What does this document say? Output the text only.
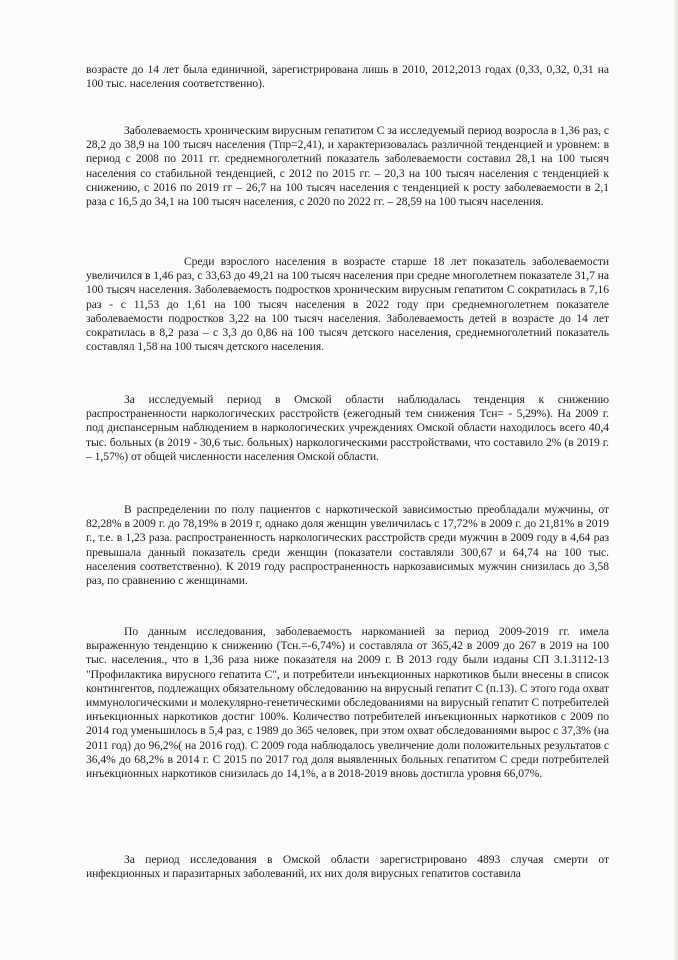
возрасте до 14 лет была единичной, зарегистрирована лишь в 2010, 2012,2013 годах (0,33, 0,32, 0,31 на 100 тыс. населения соответственно).

Заболеваемость хроническим вирусным гепатитом С за исследуемый период возросла в 1,36 раз, с 28,2 до 38,9 на 100 тысяч населения (Тпр=2,41), и характеризовалась различной тенденцией и уровнем: в период с 2008 по 2011 гг. среднемноголетний показатель заболеваемости составил 28,1 на 100 тысяч населения со стабильной тенденцией, с 2012 по 2015 гг. – 20,3 на 100 тысяч населения с тенденцией к снижению, с 2016 по 2019 гг – 26,7 на 100 тысяч населения с тенденцией к росту заболеваемости в 2,1 раза с 16,5 до 34,1 на 100 тысяч населения, с 2020 по 2022 гг. – 28,59 на 100 тысяч населения.

Среди взрослого населения в возрасте старше 18 лет показатель заболеваемости увеличился в 1,46 раз, с 33,63 до 49,21 на 100 тысяч населения при средне многолетнем показателе 31,7 на 100 тысяч населения. Заболеваемость подростков хроническим вирусным гепатитом С сократилась в 7,16 раз - с 11,53 до 1,61 на 100 тысяч населения в 2022 году при среднемноголетнем показателе заболеваемости подростков 3,22 на 100 тысяч населения. Заболеваемость детей в возрасте до 14 лет сократилась в 8,2 раза – с 3,3 до 0,86 на 100 тысяч детского населения, среднемноголетний показатель составлял 1,58 на 100 тысяч детского населения.

За исследуемый период в Омской области наблюдалась тенденция к снижению распространенности наркологических расстройств (ежегодный тем снижения Тсн= - 5,29%). На 2009 г. под диспансерным наблюдением в наркологических учреждениях Омской области находилось всего 40,4 тыс. больных (в 2019 - 30,6 тыс. больных) наркологическими расстройствами, что составило 2% (в 2019 г. – 1,57%) от общей численности населения Омской области.

В распределении по полу пациентов с наркотической зависимостью преобладали мужчины, от 82,28% в 2009 г. до 78,19% в 2019 г, однако доля женщин увеличилась с 17,72% в 2009 г. до 21,81% в 2019 г., т.е. в 1,23 раза. распространенность наркологических расстройств среди мужчин в 2009 году в 4,64 раз превышала данный показатель среди женщин (показатели составляли 300,67 и 64,74 на 100 тыс. населения соответственно). К 2019 году распространенность наркозависимых мужчин снизилась до 3,58 раз, по сравнению с женщинами.

По данным исследования, заболеваемость наркоманией за период 2009-2019 гг. имела выраженную тенденцию к снижению (Тсн.=-6,74%) и составляла от 365,42 в 2009 до 267 в 2019 на 100 тыс. населения., что в 1,36 раза ниже показателя на 2009 г. В 2013 году были изданы СП 3.1.3112-13 "Профилактика вирусного гепатита С", и потребители инъекционных наркотиков были внесены в список контингентов, подлежащих обязательному обследованию на вирусный гепатит С (п.13). С этого года охват иммунологическими и молекулярно-генетическими обследованиями на вирусный гепатит С потребителей инъекционных наркотиков достиг 100%. Количество потребителей инъекционных наркотиков с 2009 по 2014 год уменьшилось в 5,4 раз, с 1989 до 365 человек, при этом охват обследованиями вырос с 37,3% (на 2011 год) до 96,2%( на 2016 год). С 2009 года наблюдалось увеличение доли положительных результатов с 36,4% до 68,2% в 2014 г. С 2015 по 2017 год доля выявленных больных гепатитом С среди потребителей инъекционных наркотиков снизилась до 14,1%, а в 2018-2019 вновь достигла уровня 66,07%.

За период исследования в Омской области зарегистрировано 4893 случая смерти от инфекционных и паразитарных заболеваний, их них доля вирусных гепатитов составила
